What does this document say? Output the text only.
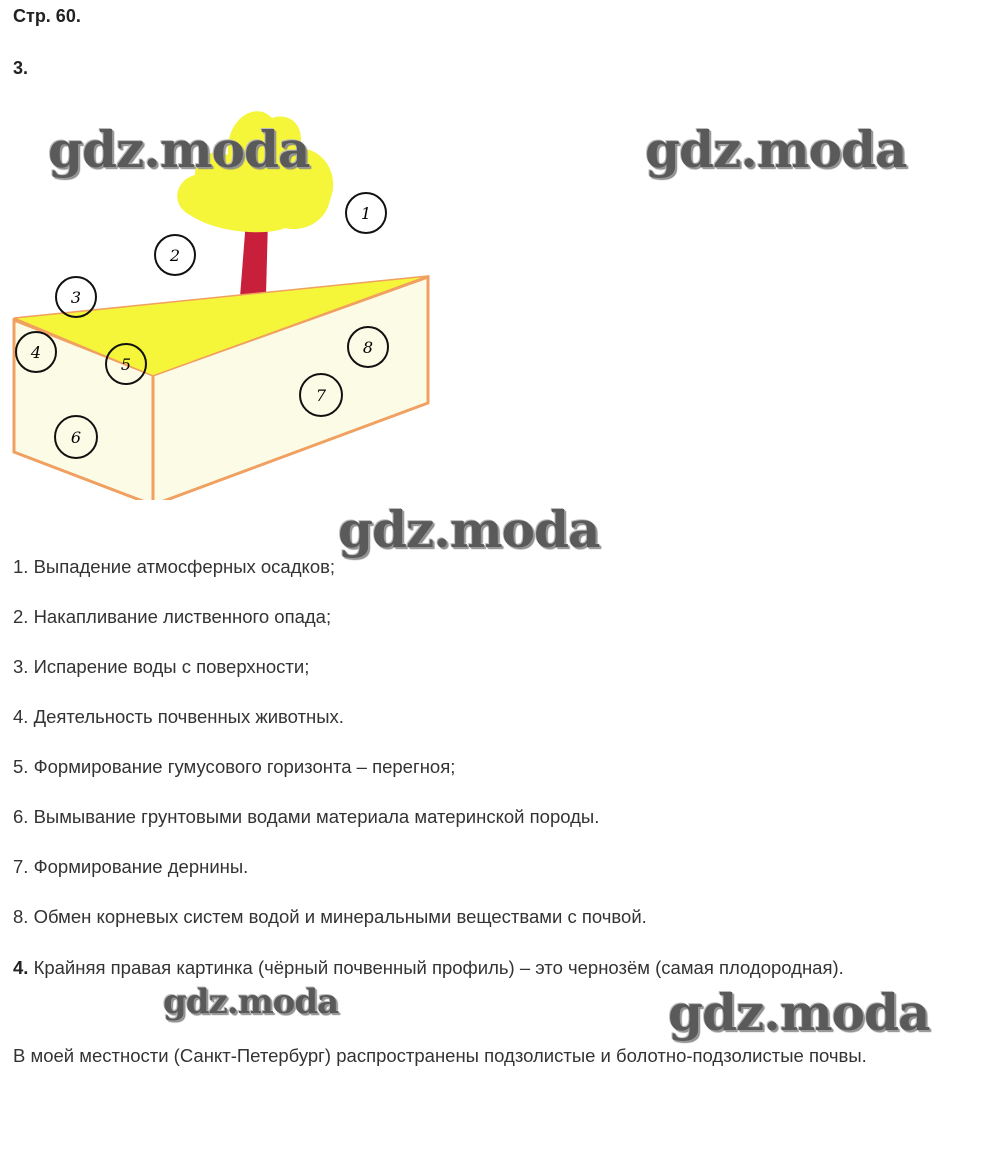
Стр. 60.
3.
1
2
3
4
5
6
7
8
gdz.moda	gdz.moda
gdz.moda
1. Выпадение атмосферных осадков;
2. Накапливание лиственного опада;
3. Испарение воды с поверхности;
4. Деятельность почвенных животных.
5. Формирование гумусового горизонта – перегноя;
6. Вымывание грунтовыми водами материала материнской породы.
7. Формирование дернины.
8. Обмен корневых систем водой и минеральными веществами с почвой.
4. Крайняя правая картинка (чёрный почвенный профиль) – это чернозём (самая плодородная).
gdz.moda	gdz.moda
В моей местности (Санкт-Петербург) распространены подзолистые и болотно-подзолистые почвы.
